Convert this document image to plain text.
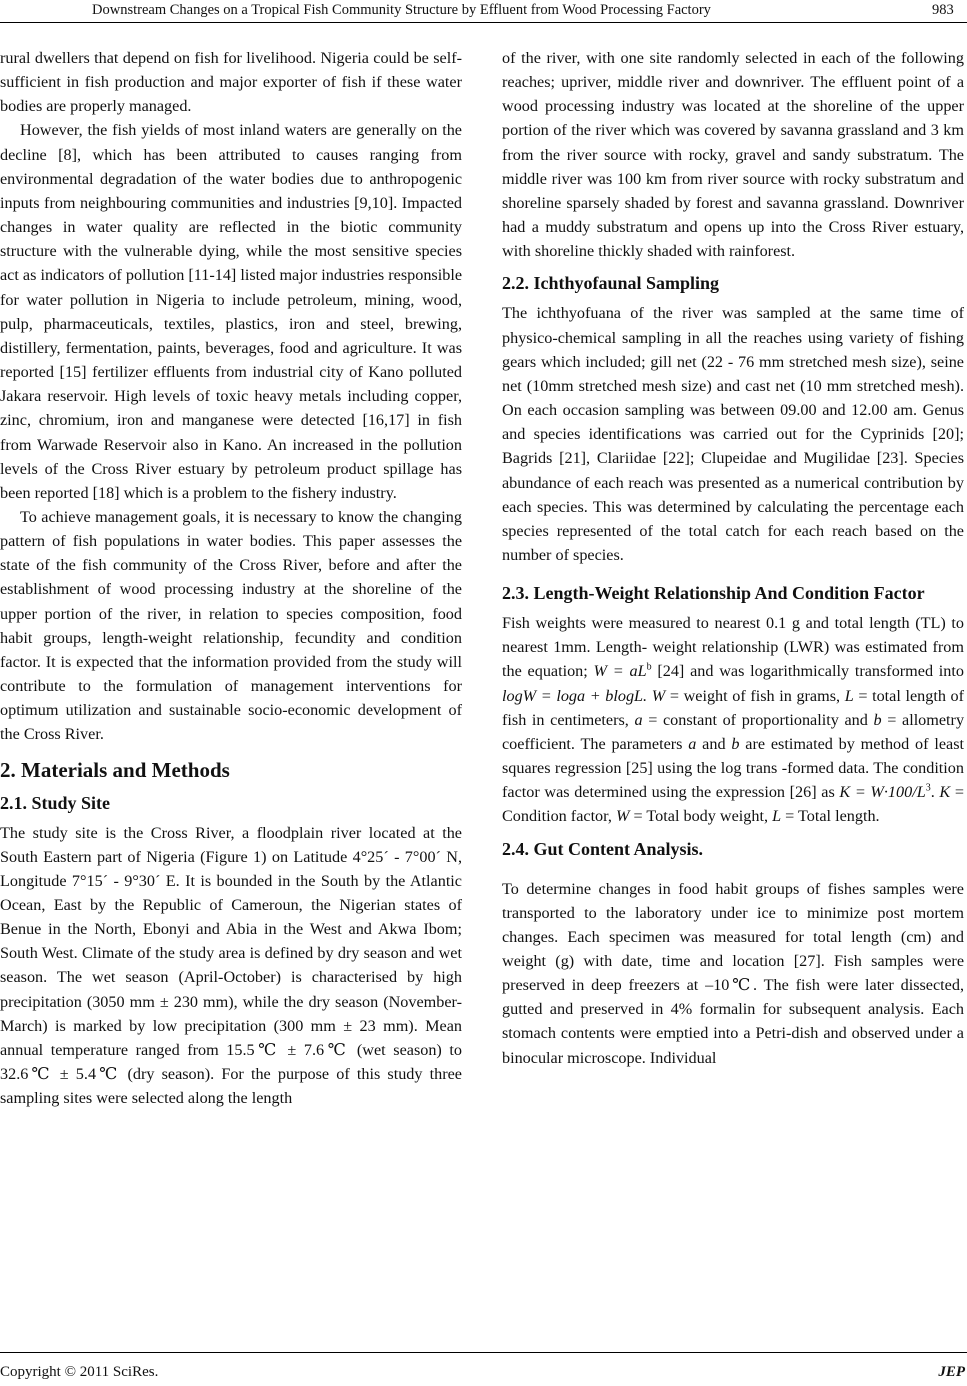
Downstream Changes on a Tropical Fish Community Structure by Effluent from Wood Processing Factory	983

rural dwellers that depend on fish for livelihood. Nigeria could be self-sufficient in fish production and major exporter of fish if these water bodies are properly managed.

However, the fish yields of most inland waters are generally on the decline [8], which has been attributed to causes ranging from environmental degradation of the water bodies due to anthropogenic inputs from neighbouring communities and industries [9,10]. Impacted changes in water quality are reflected in the biotic community structure with the vulnerable dying, while the most sensitive species act as indicators of pollution [11-14] listed major industries responsible for water pollution in Nigeria to include petroleum, mining, wood, pulp, pharmaceuticals, textiles, plastics, iron and steel, brewing, distillery, fermentation, paints, beverages, food and agriculture. It was reported [15] fertilizer effluents from industrial city of Kano polluted Jakara reservoir. High levels of toxic heavy metals including copper, zinc, chromium, iron and manganese were detected [16,17] in fish from Warwade Reservoir also in Kano. An increased in the pollution levels of the Cross River estuary by petroleum product spillage has been reported [18] which is a problem to the fishery industry.

To achieve management goals, it is necessary to know the changing pattern of fish populations in water bodies. This paper assesses the state of the fish community of the Cross River, before and after the establishment of wood processing industry at the shoreline of the upper portion of the river, in relation to species composition, food habit groups, length-weight relationship, fecundity and condition factor. It is expected that the information provided from the study will contribute to the formulation of management interventions for optimum utilization and sustainable socio-economic development of the Cross River.

2. Materials and Methods
2.1. Study Site

The study site is the Cross River, a floodplain river located at the South Eastern part of Nigeria (Figure 1) on Latitude 4°25´ - 7°00´ N, Longitude 7°15´ - 9°30´ E. It is bounded in the South by the Atlantic Ocean, East by the Republic of Cameroun, the Nigerian states of Benue in the North, Ebonyi and Abia in the West and Akwa Ibom; South West. Climate of the study area is defined by dry season and wet season. The wet season (April-October) is characterised by high precipitation (3050 mm ± 230 mm), while the dry season (November-March) is marked by low precipitation (300 mm ± 23 mm). Mean annual temperature ranged from 15.5℃ ± 7.6℃ (wet season) to 32.6℃ ± 5.4℃ (dry season). For the purpose of this study three sampling sites were selected along the length

of the river, with one site randomly selected in each of the following reaches; upriver, middle river and downriver. The effluent point of a wood processing industry was located at the shoreline of the upper portion of the river which was covered by savanna grassland and 3 km from the river source with rocky, gravel and sandy substratum. The middle river was 100 km from river source with rocky substratum and shoreline sparsely shaded by forest and savanna grassland. Downriver had a muddy substratum and opens up into the Cross River estuary, with shoreline thickly shaded with rainforest.

2.2. Ichthyofaunal Sampling

The ichthyofuana of the river was sampled at the same time of physico-chemical sampling in all the reaches using variety of fishing gears which included; gill net (22 - 76 mm stretched mesh size), seine net (10mm stretched mesh size) and cast net (10 mm stretched mesh). On each occasion sampling was between 09.00 and 12.00 am. Genus and species identifications was carried out for the Cyprinids [20]; Bagrids [21], Clariidae [22]; Clupeidae and Mugilidae [23]. Species abundance of each reach was presented as a numerical contribution by each species. This was determined by calculating the percentage each species represented of the total catch for each reach based on the number of species.

2.3. Length-Weight Relationship And Condition Factor

Fish weights were measured to nearest 0.1 g and total length (TL) to nearest 1mm. Length- weight relationship (LWR) was estimated from the equation; $W = aL^b$ [24] and was logarithmically transformed into logW = loga + blogL. W = weight of fish in grams, L = total length of fish in centimeters, a = constant of proportionality and b = allometry coefficient. The parameters a and b are estimated by method of least squares regression [25] using the log trans -formed data. The condition factor was determined using the expression [26] as $K = W\cdot 100/L^3$. K = Condition factor, W = Total body weight, L = Total length.

2.4. Gut Content Analysis.

To determine changes in food habit groups of fishes samples were transported to the laboratory under ice to minimize post mortem changes. Each specimen was measured for total length (cm) and weight (g) with date, time and location [27]. Fish samples were preserved in deep freezers at –10℃. The fish were later dissected, gutted and preserved in 4% formalin for subsequent analysis. Each stomach contents were emptied into a Petri-dish and observed under a binocular microscope. Individual

Copyright © 2011 SciRes.	JEP
